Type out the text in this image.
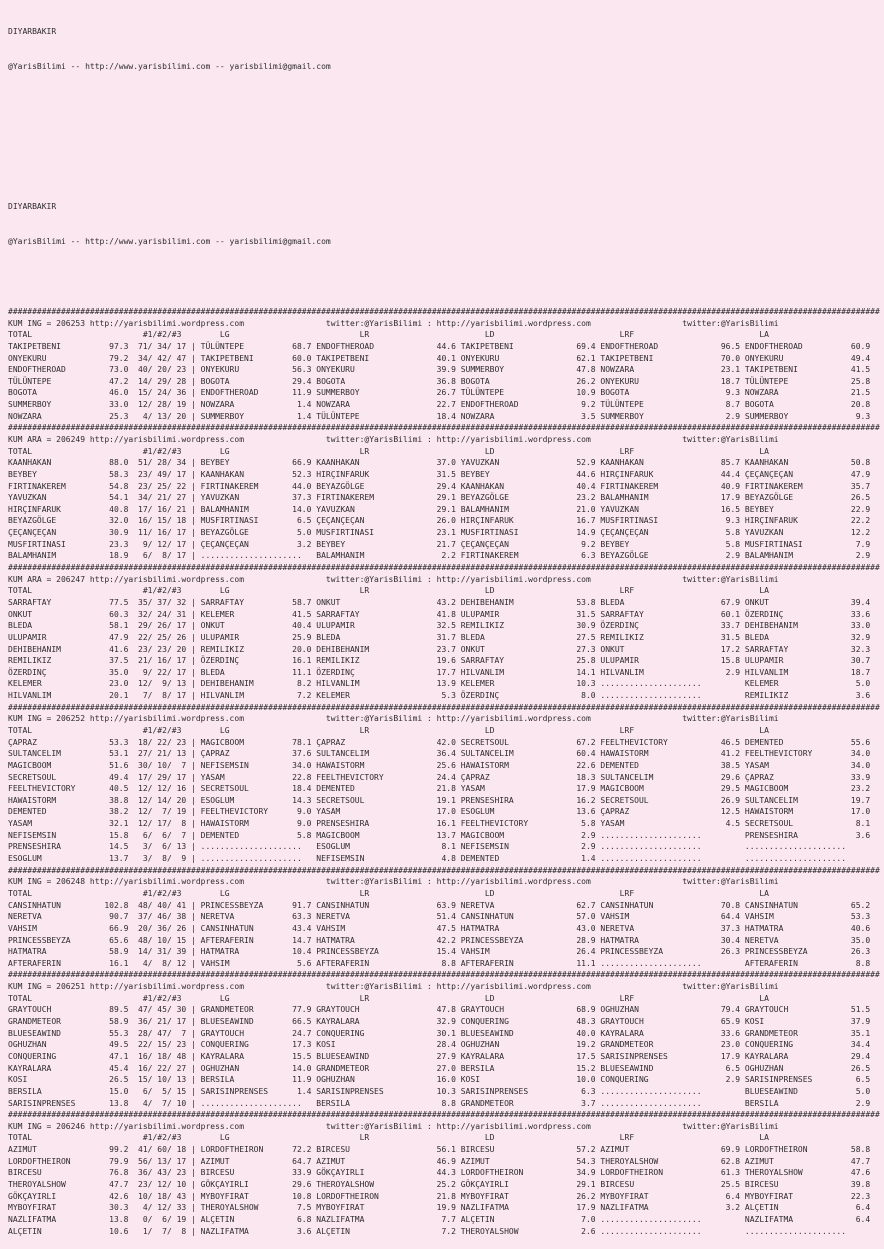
DIYARBAKIR

@YarisBilimi -- http://www.yarisbilimi.com -- yarisbilimi@gmail.com

DIYARBAKIR

@YarisBilimi -- http://www.yarisbilimi.com -- yarisbilimi@gmail.com

#####################################################################################################################################################################################
KUM ING = 206253 http://yarisbilimi.wordpress.com                 twitter:@YarisBilimi : http://yarisbilimi.wordpress.com                   twitter:@YarisBilimi
TOTAL                       #1/#2/#3        LG                           LR                        LD                          LRF                          LA
TAKIPETBENI          97.3  71/ 34/ 17 | TÜLÜNTEPE          68.7 ENDOFTHEROAD             44.6 TAKIPETBENI             69.4 ENDOFTHEROAD             96.5 ENDOFTHEROAD          60.9
ONYEKURU             79.2  34/ 42/ 47 | TAKIPETBENI        60.0 TAKIPETBENI              40.1 ONYEKURU                62.1 TAKIPETBENI              70.0 ONYEKURU              49.4
ENDOFTHEROAD         73.0  40/ 20/ 23 | ONYEKURU           56.3 ONYEKURU                 39.9 SUMMERBOY               47.8 NOWZARA                  23.1 TAKIPETBENI           41.5
TÜLÜNTEPE            47.2  14/ 29/ 28 | BOGOTA             29.4 BOGOTA                   36.8 BOGOTA                  26.2 ONYEKURU                 18.7 TÜLÜNTEPE             25.8
BOGOTA               46.0  15/ 24/ 36 | ENDOFTHEROAD       11.9 SUMMERBOY                26.7 TÜLÜNTEPE               10.9 BOGOTA                    9.3 NOWZARA               21.5
SUMMERBOY            33.0  12/ 28/ 19 | NOWZARA             1.4 NOWZARA                  22.7 ENDOFTHEROAD             9.2 TÜLÜNTEPE                 8.7 BOGOTA                20.8
NOWZARA              25.3   4/ 13/ 20 | SUMMERBOY           1.4 TÜLÜNTEPE                18.4 NOWZARA                  3.5 SUMMERBOY                 2.9 SUMMERBOY              9.3
#####################################################################################################################################################################################
KUM ARA = 206249 http://yarisbilimi.wordpress.com                 twitter:@YarisBilimi : http://yarisbilimi.wordpress.com                   twitter:@YarisBilimi
TOTAL                       #1/#2/#3        LG                           LR                        LD                          LRF                          LA
KAANHAKAN            88.0  51/ 28/ 34 | BEYBEY             66.9 KAANHAKAN                37.0 YAVUZKAN                52.9 KAANHAKAN                85.7 KAANHAKAN             50.8
BEYBEY               58.3  23/ 49/ 17 | KAANHAKAN          52.3 HIRÇINFARUK              31.5 BEYBEY                  44.6 HIRÇINFARUK              44.4 ÇEÇANÇEÇAN            47.9
FIRTINAKEREM         54.8  23/ 25/ 22 | FIRTINAKEREM       44.0 BEYAZGÖLGE               29.4 KAANHAKAN               40.4 FIRTINAKEREM             40.9 FIRTINAKEREM          35.7
YAVUZKAN             54.1  34/ 21/ 27 | YAVUZKAN           37.3 FIRTINAKEREM             29.1 BEYAZGÖLGE              23.2 BALAMHANIM               17.9 BEYAZGÖLGE            26.5
HIRÇINFARUK          40.8  17/ 16/ 21 | BALAMHANIM         14.0 YAVUZKAN                 29.1 BALAMHANIM              21.0 YAVUZKAN                 16.5 BEYBEY                22.9
BEYAZGÖLGE           32.0  16/ 15/ 18 | MUSFIRTINASI        6.5 ÇEÇANÇEÇAN               26.0 HIRÇINFARUK             16.7 MUSFIRTINASI              9.3 HIRÇINFARUK           22.2
ÇEÇANÇEÇAN           30.9  11/ 16/ 17 | BEYAZGÖLGE          5.0 MUSFIRTINASI             23.1 MUSFIRTINASI            14.9 ÇEÇANÇEÇAN                5.8 YAVUZKAN              12.2
MUSFIRTINASI         23.3   9/ 12/ 17 | ÇEÇANÇEÇAN          3.2 BEYBEY                   21.7 ÇEÇANÇEÇAN               9.2 BEYBEY                    5.8 MUSFIRTINASI           7.9
BALAMHANIM           18.9   6/  8/ 17 | .....................   BALAMHANIM                2.2 FIRTINAKEREM             6.3 BEYAZGÖLGE                2.9 BALAMHANIM             2.9
#####################################################################################################################################################################################
KUM ARA = 206247 http://yarisbilimi.wordpress.com                 twitter:@YarisBilimi : http://yarisbilimi.wordpress.com                   twitter:@YarisBilimi
TOTAL                       #1/#2/#3        LG                           LR                        LD                          LRF                          LA
SARRAFTAY            77.5  35/ 37/ 32 | SARRAFTAY          58.7 ONKUT                    43.2 DEHIBEHANIM             53.8 BLEDA                    67.9 ONKUT                 39.4
ONKUT                60.3  32/ 24/ 31 | KELEMER            41.5 SARRAFTAY                41.8 ULUPAMIR                31.5 SARRAFTAY                60.1 ÖZERDINÇ              33.6
BLEDA                58.1  29/ 26/ 17 | ONKUT              40.4 ULUPAMIR                 32.5 REMILIKIZ               30.9 ÖZERDINÇ                 33.7 DEHIBEHANIM           33.0
ULUPAMIR             47.9  22/ 25/ 26 | ULUPAMIR           25.9 BLEDA                    31.7 BLEDA                   27.5 REMILIKIZ                31.5 BLEDA                 32.9
DEHIBEHANIM          41.6  23/ 23/ 20 | REMILIKIZ          20.0 DEHIBEHANIM              23.7 ONKUT                   27.3 ONKUT                    17.2 SARRAFTAY             32.3
REMILIKIZ            37.5  21/ 16/ 17 | ÖZERDINÇ           16.1 REMILIKIZ                19.6 SARRAFTAY               25.8 ULUPAMIR                 15.8 ULUPAMIR              30.7
ÖZERDINÇ             35.0   9/ 22/ 17 | BLEDA              11.1 ÖZERDINÇ                 17.7 HILVANLIM               14.1 HILVANLIM                 2.9 HILVANLIM             18.7
KELEMER              23.0  12/  9/ 13 | DEHIBEHANIM         8.2 HILVANLIM                13.9 KELEMER                 10.3 .....................         KELEMER                5.0
HILVANLIM            20.1   7/  8/ 17 | HILVANLIM           7.2 KELEMER                   5.3 ÖZERDINÇ                 8.0 .....................         REMILIKIZ              3.6
#####################################################################################################################################################################################
KUM ING = 206252 http://yarisbilimi.wordpress.com                 twitter:@YarisBilimi : http://yarisbilimi.wordpress.com                   twitter:@YarisBilimi
TOTAL                       #1/#2/#3        LG                           LR                        LD                          LRF                          LA
ÇAPRAZ               53.3  18/ 22/ 23 | MAGICBOOM          78.1 ÇAPRAZ                   42.0 SECRETSOUL              67.2 FEELTHEVICTORY           46.5 DEMENTED              55.6
SULTANCELIM          53.1  27/ 21/ 13 | ÇAPRAZ             37.6 SULTANCELIM              36.4 SULTANCELIM             60.4 HAWAISTORM               41.2 FEELTHEVICTORY        34.0
MAGICBOOM            51.6  30/ 10/  7 | NEFISEMSIN         34.0 HAWAISTORM               25.6 HAWAISTORM              22.6 DEMENTED                 38.5 YASAM                 34.0
SECRETSOUL           49.4  17/ 29/ 17 | YASAM              22.8 FEELTHEVICTORY           24.4 ÇAPRAZ                  18.3 SULTANCELIM              29.6 ÇAPRAZ                33.9
FEELTHEVICTORY       40.5  12/ 12/ 16 | SECRETSOUL         18.4 DEMENTED                 21.8 YASAM                   17.9 MAGICBOOM                29.5 MAGICBOOM             23.2
HAWAISTORM           38.8  12/ 14/ 20 | ESOGLUM            14.3 SECRETSOUL               19.1 PRENSESHIRA             16.2 SECRETSOUL               26.9 SULTANCELIM           19.7
DEMENTED             38.2  12/  7/ 19 | FEELTHEVICTORY      9.0 YASAM                    17.0 ESOGLUM                 13.6 ÇAPRAZ                   12.5 HAWAISTORM            17.0
YASAM                32.1  12/ 17/  8 | HAWAISTORM          9.0 PRENSESHIRA              16.1 FEELTHEVICTORY           5.8 YASAM                     4.5 SECRETSOUL             8.1
NEFISEMSIN           15.8   6/  6/  7 | DEMENTED            5.8 MAGICBOOM                13.7 MAGICBOOM                2.9 .....................         PRENSESHIRA            3.6
PRENSESHIRA          14.5   3/  6/ 13 | .....................   ESOGLUM                   8.1 NEFISEMSIN               2.9 .....................         .....................
ESOGLUM              13.7   3/  8/  9 | .....................   NEFISEMSIN                4.8 DEMENTED                 1.4 .....................         .....................
#####################################################################################################################################################################################
KUM ING = 206248 http://yarisbilimi.wordpress.com                 twitter:@YarisBilimi : http://yarisbilimi.wordpress.com                   twitter:@YarisBilimi
TOTAL                       #1/#2/#3        LG                           LR                        LD                          LRF                          LA
CANSINHATUN         102.8  48/ 40/ 41 | PRINCESSBEYZA      91.7 CANSINHATUN              63.9 NERETVA                 62.7 CANSINHATUN              70.8 CANSINHATUN           65.2
NERETVA              90.7  37/ 46/ 38 | NERETVA            63.3 NERETVA                  51.4 CANSINHATUN             57.0 VAHSIM                   64.4 VAHSIM                53.3
VAHSIM               66.9  20/ 36/ 26 | CANSINHATUN        43.4 VAHSIM                   47.5 HATMATRA                43.0 NERETVA                  37.3 HATMATRA              40.6
PRINCESSBEYZA        65.6  48/ 10/ 15 | AFTERAFERIN        14.7 HATMATRA                 42.2 PRINCESSBEYZA           28.9 HATMATRA                 30.4 NERETVA               35.0
HATMATRA             58.9  14/ 31/ 39 | HATMATRA           10.4 PRINCESSBEYZA            15.4 VAHSIM                  26.4 PRINCESSBEYZA            26.3 PRINCESSBEYZA         26.3
AFTERAFERIN          16.1   4/  8/ 12 | VAHSIM              5.6 AFTERAFERIN               8.8 AFTERAFERIN             11.1 .....................         AFTERAFERIN            8.8
#####################################################################################################################################################################################
KUM ING = 206251 http://yarisbilimi.wordpress.com                 twitter:@YarisBilimi : http://yarisbilimi.wordpress.com                   twitter:@YarisBilimi
TOTAL                       #1/#2/#3        LG                           LR                        LD                          LRF                          LA
GRAYTOUCH            89.5  47/ 45/ 30 | GRANDMETEOR        77.9 GRAYTOUCH                47.8 GRAYTOUCH               68.9 OGHUZHAN                 79.4 GRAYTOUCH             51.5
GRANDMETEOR          58.9  36/ 21/ 17 | BLUESEAWIND        66.5 KAYRALARA                32.9 CONQUERING              48.3 GRAYTOUCH                65.9 KOSI                  37.9
BLUESEAWIND          55.3  28/ 47/  7 | GRAYTOUCH          24.7 CONQUERING               30.1 BLUESEAWIND             40.0 KAYRALARA                33.6 GRANDMETEOR           35.1
OGHUZHAN             49.5  22/ 15/ 23 | CONQUERING         17.3 KOSI                     28.4 OGHUZHAN                19.2 GRANDMETEOR              23.0 CONQUERING            34.4
CONQUERING           47.1  16/ 18/ 48 | KAYRALARA          15.5 BLUESEAWIND              27.9 KAYRALARA               17.5 SARISINPRENSES           17.9 KAYRALARA             29.4
KAYRALARA            45.4  16/ 22/ 27 | OGHUZHAN           14.0 GRANDMETEOR              27.0 BERSILA                 15.2 BLUESEAWIND               6.5 OGHUZHAN              26.5
KOSI                 26.5  15/ 10/ 13 | BERSILA            11.9 OGHUZHAN                 16.0 KOSI                    10.0 CONQUERING                2.9 SARISINPRENSES         6.5
BERSILA              15.0   6/  5/ 15 | SARISINPRENSES      1.4 SARISINPRENSES           10.3 SARISINPRENSES           6.3 .....................         BLUESEAWIND            5.0
SARISINPRENSES       13.8   4/  7/ 10 | .....................   BERSILA                   8.8 GRANDMETEOR              3.7 .....................         BERSILA                2.9
#####################################################################################################################################################################################
KUM ING = 206246 http://yarisbilimi.wordpress.com                 twitter:@YarisBilimi : http://yarisbilimi.wordpress.com                   twitter:@YarisBilimi
TOTAL                       #1/#2/#3        LG                           LR                        LD                          LRF                          LA
AZIMUT               99.2  41/ 60/ 18 | LORDOFTHEIRON      72.2 BIRCESU                  56.1 BIRCESU                 57.2 AZIMUT                   69.9 LORDOFTHEIRON         58.8
LORDOFTHEIRON        79.9  56/ 13/ 17 | AZIMUT             64.7 AZIMUT                   46.9 AZIMUT                  54.3 THEROYALSHOW             62.8 AZIMUT                47.7
BIRCESU              76.8  36/ 43/ 23 | BIRCESU            33.9 GÖKÇAYIRLI               44.3 LORDOFTHEIRON           34.9 LORDOFTHEIRON            61.3 THEROYALSHOW          47.6
THEROYALSHOW         47.7  23/ 12/ 10 | GÖKÇAYIRLI         29.6 THEROYALSHOW             25.2 GÖKÇAYIRLI              29.1 BIRCESU                  25.5 BIRCESU               39.8
GÖKÇAYIRLI           42.6  10/ 18/ 43 | MYBOYFIRAT         10.8 LORDOFTHEIRON            21.8 MYBOYFIRAT              26.2 MYBOYFIRAT                6.4 MYBOYFIRAT            22.3
MYBOYFIRAT           30.3   4/ 12/ 33 | THEROYALSHOW        7.5 MYBOYFIRAT               19.9 NAZLIFATMA              17.9 NAZLIFATMA                3.2 ALÇETIN                6.4
NAZLIFATMA           13.8   0/  6/ 19 | ALÇETIN             6.8 NAZLIFATMA                7.7 ALÇETIN                  7.0 .....................         NAZLIFATMA             6.4
ALÇETIN              10.6   1/  7/  8 | NAZLIFATMA          3.6 ALÇETIN                   7.2 THEROYALSHOW             2.6 .....................         .....................
